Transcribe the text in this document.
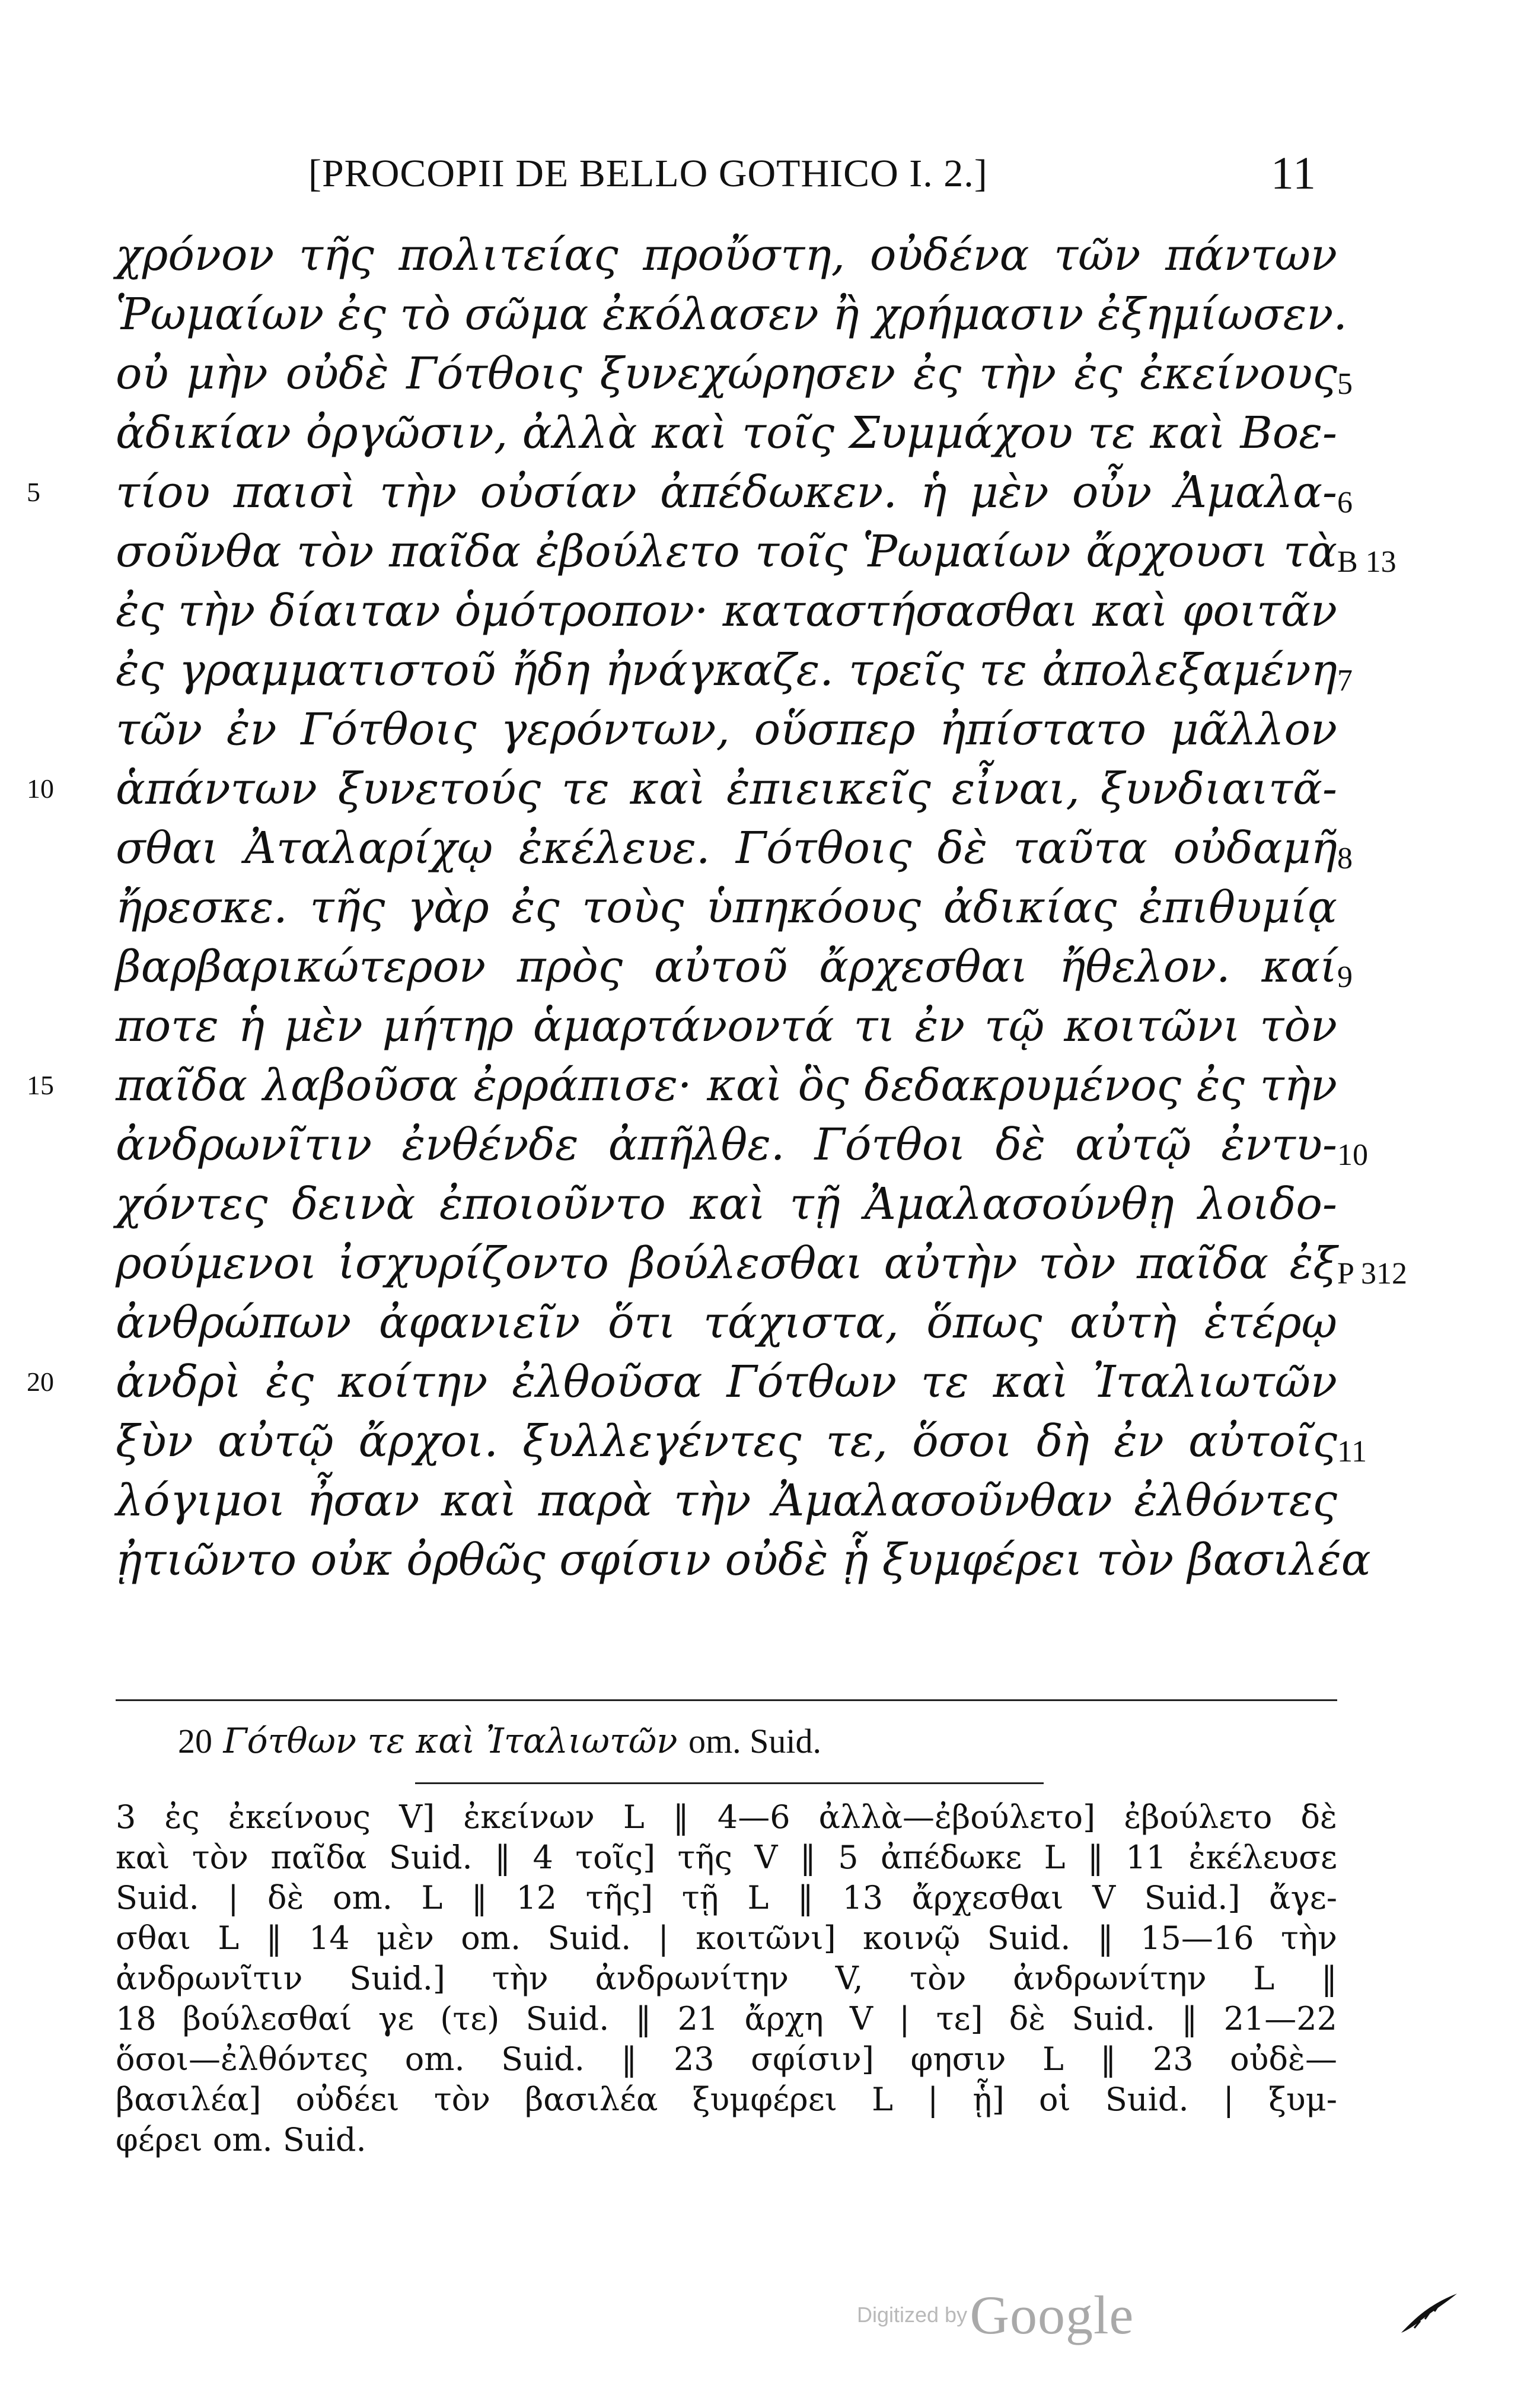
[PROCOPII DE BELLO GOTHICO I. 2.]	11
χρόνον τῆς πολιτείας προὔστη, οὐδένα τῶν πάντων
Ῥωμαίων ἐς τὸ σῶμα ἐκόλασεν ἢ χρήμασιν ἐξημίωσεν.
οὐ μὴν οὐδὲ Γότθοις ξυνεχώρησεν ἐς τὴν ἐς ἐκείνους
ἀδικίαν ὀργῶσιν, ἀλλὰ καὶ τοῖς Συμμάχου τε καὶ Βοε-
5	τίου παισὶ τὴν οὐσίαν ἀπέδωκεν. ἡ μὲν οὖν Ἀμαλα-
σοῦνθα τὸν παῖδα ἐβούλετο τοῖς Ῥωμαίων ἄρχουσι τὰ
ἐς τὴν δίαιταν ὁμότροπον· καταστήσασθαι καὶ φοιτᾶν
ἐς γραμματιστοῦ ἤδη ἠνάγκαζε. τρεῖς τε ἀπολεξαμένη
τῶν ἐν Γότθοις γερόντων, οὕσπερ ἠπίστατο μᾶλλον
10	ἁπάντων ξυνετούς τε καὶ ἐπιεικεῖς εἶναι, ξυνδιαιτᾶ-
σθαι Ἀταλαρίχῳ ἐκέλευε. Γότθοις δὲ ταῦτα οὐδαμῆ
ἤρεσκε. τῆς γὰρ ἐς τοὺς ὑπηκόους ἀδικίας ἐπιθυμίᾳ
βαρβαρικώτερον πρὸς αὐτοῦ ἄρχεσθαι ἤθελον. καί
ποτε ἡ μὲν μήτηρ ἁμαρτάνοντά τι ἐν τῷ κοιτῶνι τὸν
15	παῖδα λαβοῦσα ἐρράπισε· καὶ ὃς δεδακρυμένος ἐς τὴν
ἀνδρωνῖτιν ἐνθένδε ἀπῆλθε. Γότθοι δὲ αὐτῷ ἐντυ-
χόντες δεινὰ ἐποιοῦντο καὶ τῇ Ἀμαλασούνθῃ λοιδο-
ρούμενοι ἰσχυρίζοντο βούλεσθαι αὐτὴν τὸν παῖδα ἐξ
ἀνθρώπων ἀφανιεῖν ὅτι τάχιστα, ὅπως αὐτὴ ἑτέρῳ
20	ἀνδρὶ ἐς κοίτην ἐλθοῦσα Γότθων τε καὶ Ἰταλιωτῶν
ξὺν αὐτῷ ἄρχοι. ξυλλεγέντες τε, ὅσοι δὴ ἐν αὐτοῖς
λόγιμοι ἦσαν καὶ παρὰ τὴν Ἀμαλασοῦνθαν ἐλθόντες
ᾐτιῶντο οὐκ ὀρθῶς σφίσιν οὐδὲ ᾗ ξυμφέρει τὸν βασιλέα
5
6
B 13
7
8
9
10
P 312
11
20 Γότθων τε καὶ Ἰταλιωτῶν om. Suid.
3 ἐς ἐκείνους V] ἐκείνων L ‖ 4—6 ἀλλὰ—ἐβούλετο] ἐβούλετο δὲ
καὶ τὸν παῖδα Suid. ‖ 4 τοῖς] τῆς V ‖ 5 ἀπέδωκε L ‖ 11 ἐκέλευσε
Suid. | δὲ om. L ‖ 12 τῆς] τῇ L ‖ 13 ἄρχεσθαι V Suid.] ἄγε-
σθαι L ‖ 14 μὲν om. Suid. | κοιτῶνι] κοινῷ Suid. ‖ 15—16 τὴν
ἀνδρωνῖτιν Suid.] τὴν ἀνδρωνίτην V, τὸν ἀνδρωνίτην L ‖
18 βούλεσθαί γε (τε) Suid. ‖ 21 ἄρχη V | τε] δὲ Suid. ‖ 21—22
ὅσοι—ἐλθόντες om. Suid. ‖ 23 σφίσιν] φησιν L ‖ 23 οὐδὲ—
βασιλέα] οὐδέει τὸν βασιλέα ξυμφέρει L | ᾗ] οἱ Suid. | ξυμ-
φέρει om. Suid.
Digitized by Google
